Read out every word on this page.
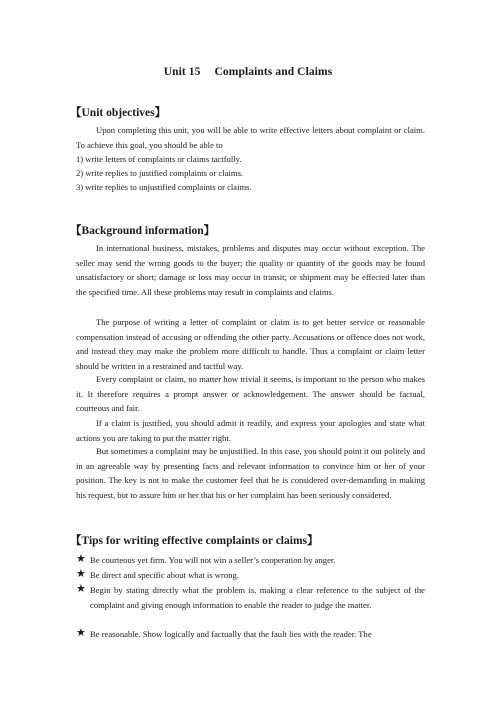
Unit 15 Complaints and Claims
【Unit objectives】

Upon completing this unit, you will be able to write effective letters about complaint or claim. To achieve this goal, you should be able to

1) write letters of complaints or claims tactfully.
2) write replies to justified complaints or claims.
3) write replies to unjustified complaints or claims.
【Background information】

In international business, mistakes, problems and disputes may occur without exception. The seller may send the wrong goods to the buyer; the quality or quantity of the goods may be found unsatisfactory or short; damage or loss may occur in transit; or shipment may be effected later than the specified time. All these problems may result in complaints and claims.

The purpose of writing a letter of complaint or claim is to get better service or reasonable compensation instead of accusing or offending the other party. Accusations or offence does not work, and instead they may make the problem more difficult to handle. Thus a complaint or claim letter should be written in a restrained and tactful way.

Every complaint or claim, no matter how trivial it seems, is important to the person who makes it. It therefore requires a prompt answer or acknowledgement. The answer should be factual, courteous and fair.

If a claim is justified, you should admit it readily, and express your apologies and state what actions you are taking to put the matter right.

But sometimes a complaint may be unjustified. In this case, you should point it out politely and in an agreeable way by presenting facts and relevant information to convince him or her of your position. The key is not to make the customer feel that he is considered over-demanding in making his request, but to assure him or her that his or her complaint has been seriously considered.

【Tips for writing effective complaints or claims】
★ Be courteous yet firm. You will not win a seller’s cooperation by anger.
★ Be direct and specific about what is wrong.
★ Begin by stating directly what the problem is, making a clear reference to the subject of the complaint and giving enough information to enable the reader to judge the matter.
★ Be reasonable. Show logically and factually that the fault lies with the reader. The
